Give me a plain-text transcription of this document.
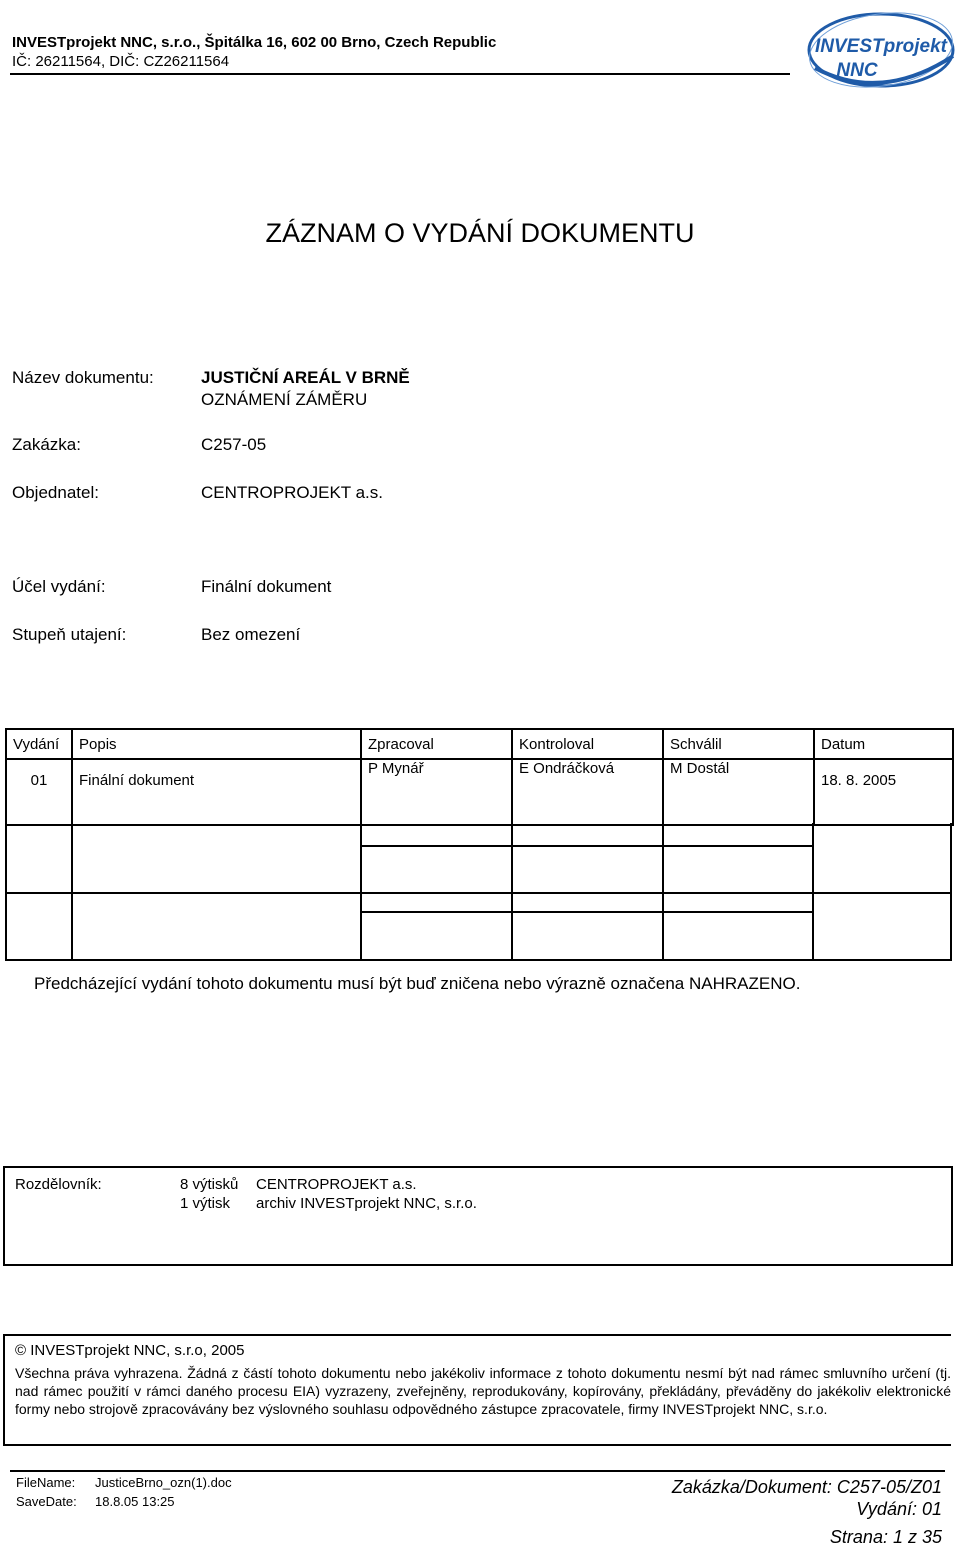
INVESTprojekt NNC, s.r.o., Špitálka 16, 602 00 Brno, Czech Republic
IČ: 26211564, DIČ: CZ26211564
INVESTprojekt
NNC
ZÁZNAM O VYDÁNÍ DOKUMENTU
Název dokumentu:	JUSTIČNÍ AREÁL V BRNĚ
OZNÁMENÍ ZÁMĚRU
Zakázka:	C257-05
Objednatel:	CENTROPROJEKT a.s.
Účel vydání:	Finální dokument
Stupeň utajení:	Bez omezení
Vydání	Popis	Zpracoval	Kontroloval	Schválil	Datum
01	Finální dokument	P Mynář	E Ondráčková	M Dostál	18. 8. 2005
Předcházející vydání tohoto dokumentu musí být buď zničena nebo výrazně označena NAHRAZENO.
Rozdělovník:	8 výtisků CENTROPROJEKT a.s.
1 výtisk archiv INVESTprojekt NNC, s.r.o.
© INVESTprojekt NNC, s.r.o, 2005
Všechna práva vyhrazena. Žádná z částí tohoto dokumentu nebo jakékoliv informace z tohoto dokumentu nesmí být nad rámec smluvního určení (tj. nad rámec použití v rámci daného procesu EIA) vyzrazeny, zveřejněny, reprodukovány, kopírovány, překládány, převáděny do jakékoliv elektronické formy nebo strojově zpracovávány bez výslovného souhlasu odpovědného zástupce zpracovatele, firmy INVESTprojekt NNC, s.r.o.
FileName: JusticeBrno_ozn(1).doc
SaveDate: 18.8.05 13:25
Zakázka/Dokument: C257-05/Z01
Vydání: 01
Strana: 1 z 35
